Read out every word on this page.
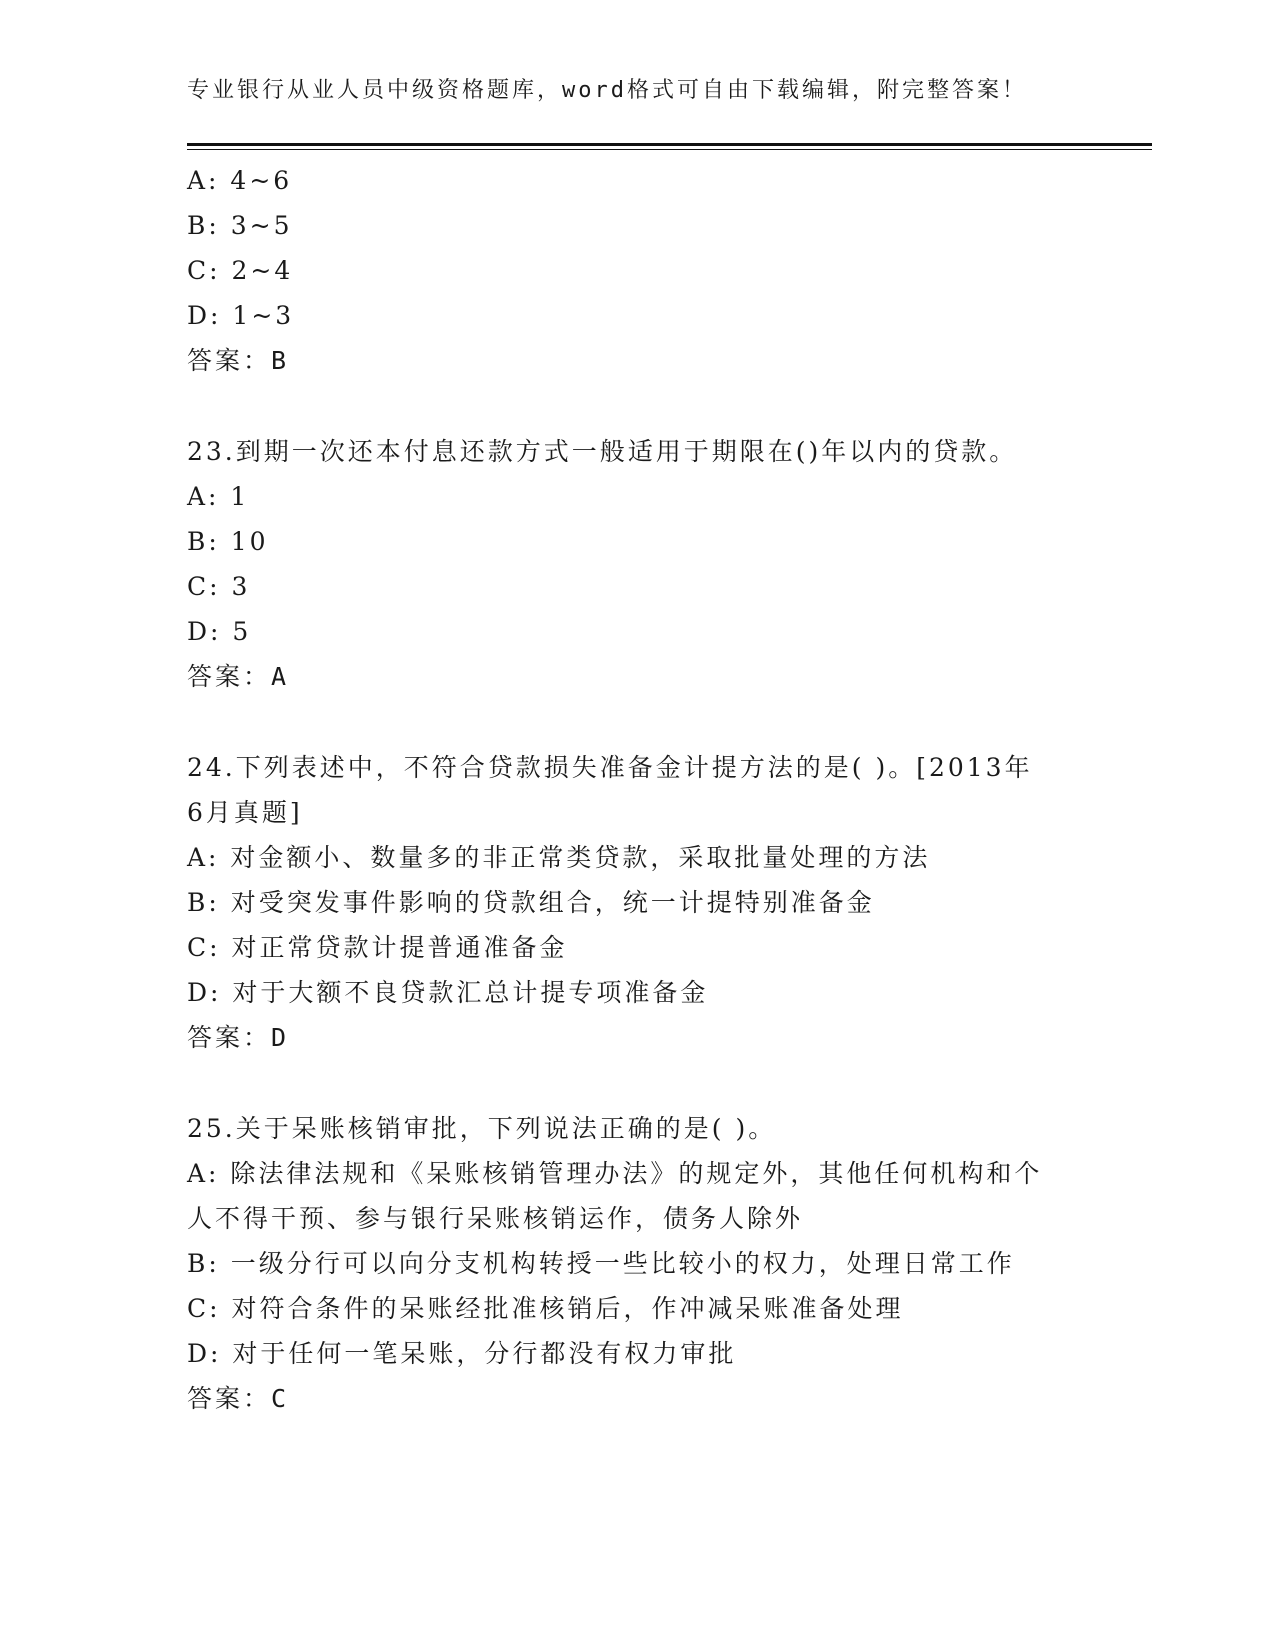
专业银行从业人员中级资格题库，word格式可自由下载编辑，附完整答案！
A: 4~6
B: 3~5
C: 2~4
D: 1~3
答案：B
23.到期一次还本付息还款方式一般适用于期限在()年以内的贷款。
A: 1
B: 10
C: 3
D: 5
答案：A
24.下列表述中，不符合贷款损失准备金计提方法的是( )。[2013年6月真题]
A: 对金额小、数量多的非正常类贷款，采取批量处理的方法
B: 对受突发事件影响的贷款组合，统一计提特别准备金
C: 对正常贷款计提普通准备金
D: 对于大额不良贷款汇总计提专项准备金
答案：D
25.关于呆账核销审批，下列说法正确的是( )。
A: 除法律法规和《呆账核销管理办法》的规定外，其他任何机构和个人不得干预、参与银行呆账核销运作，债务人除外
B: 一级分行可以向分支机构转授一些比较小的权力，处理日常工作
C: 对符合条件的呆账经批准核销后，作冲减呆账准备处理
D: 对于任何一笔呆账，分行都没有权力审批
答案：C
